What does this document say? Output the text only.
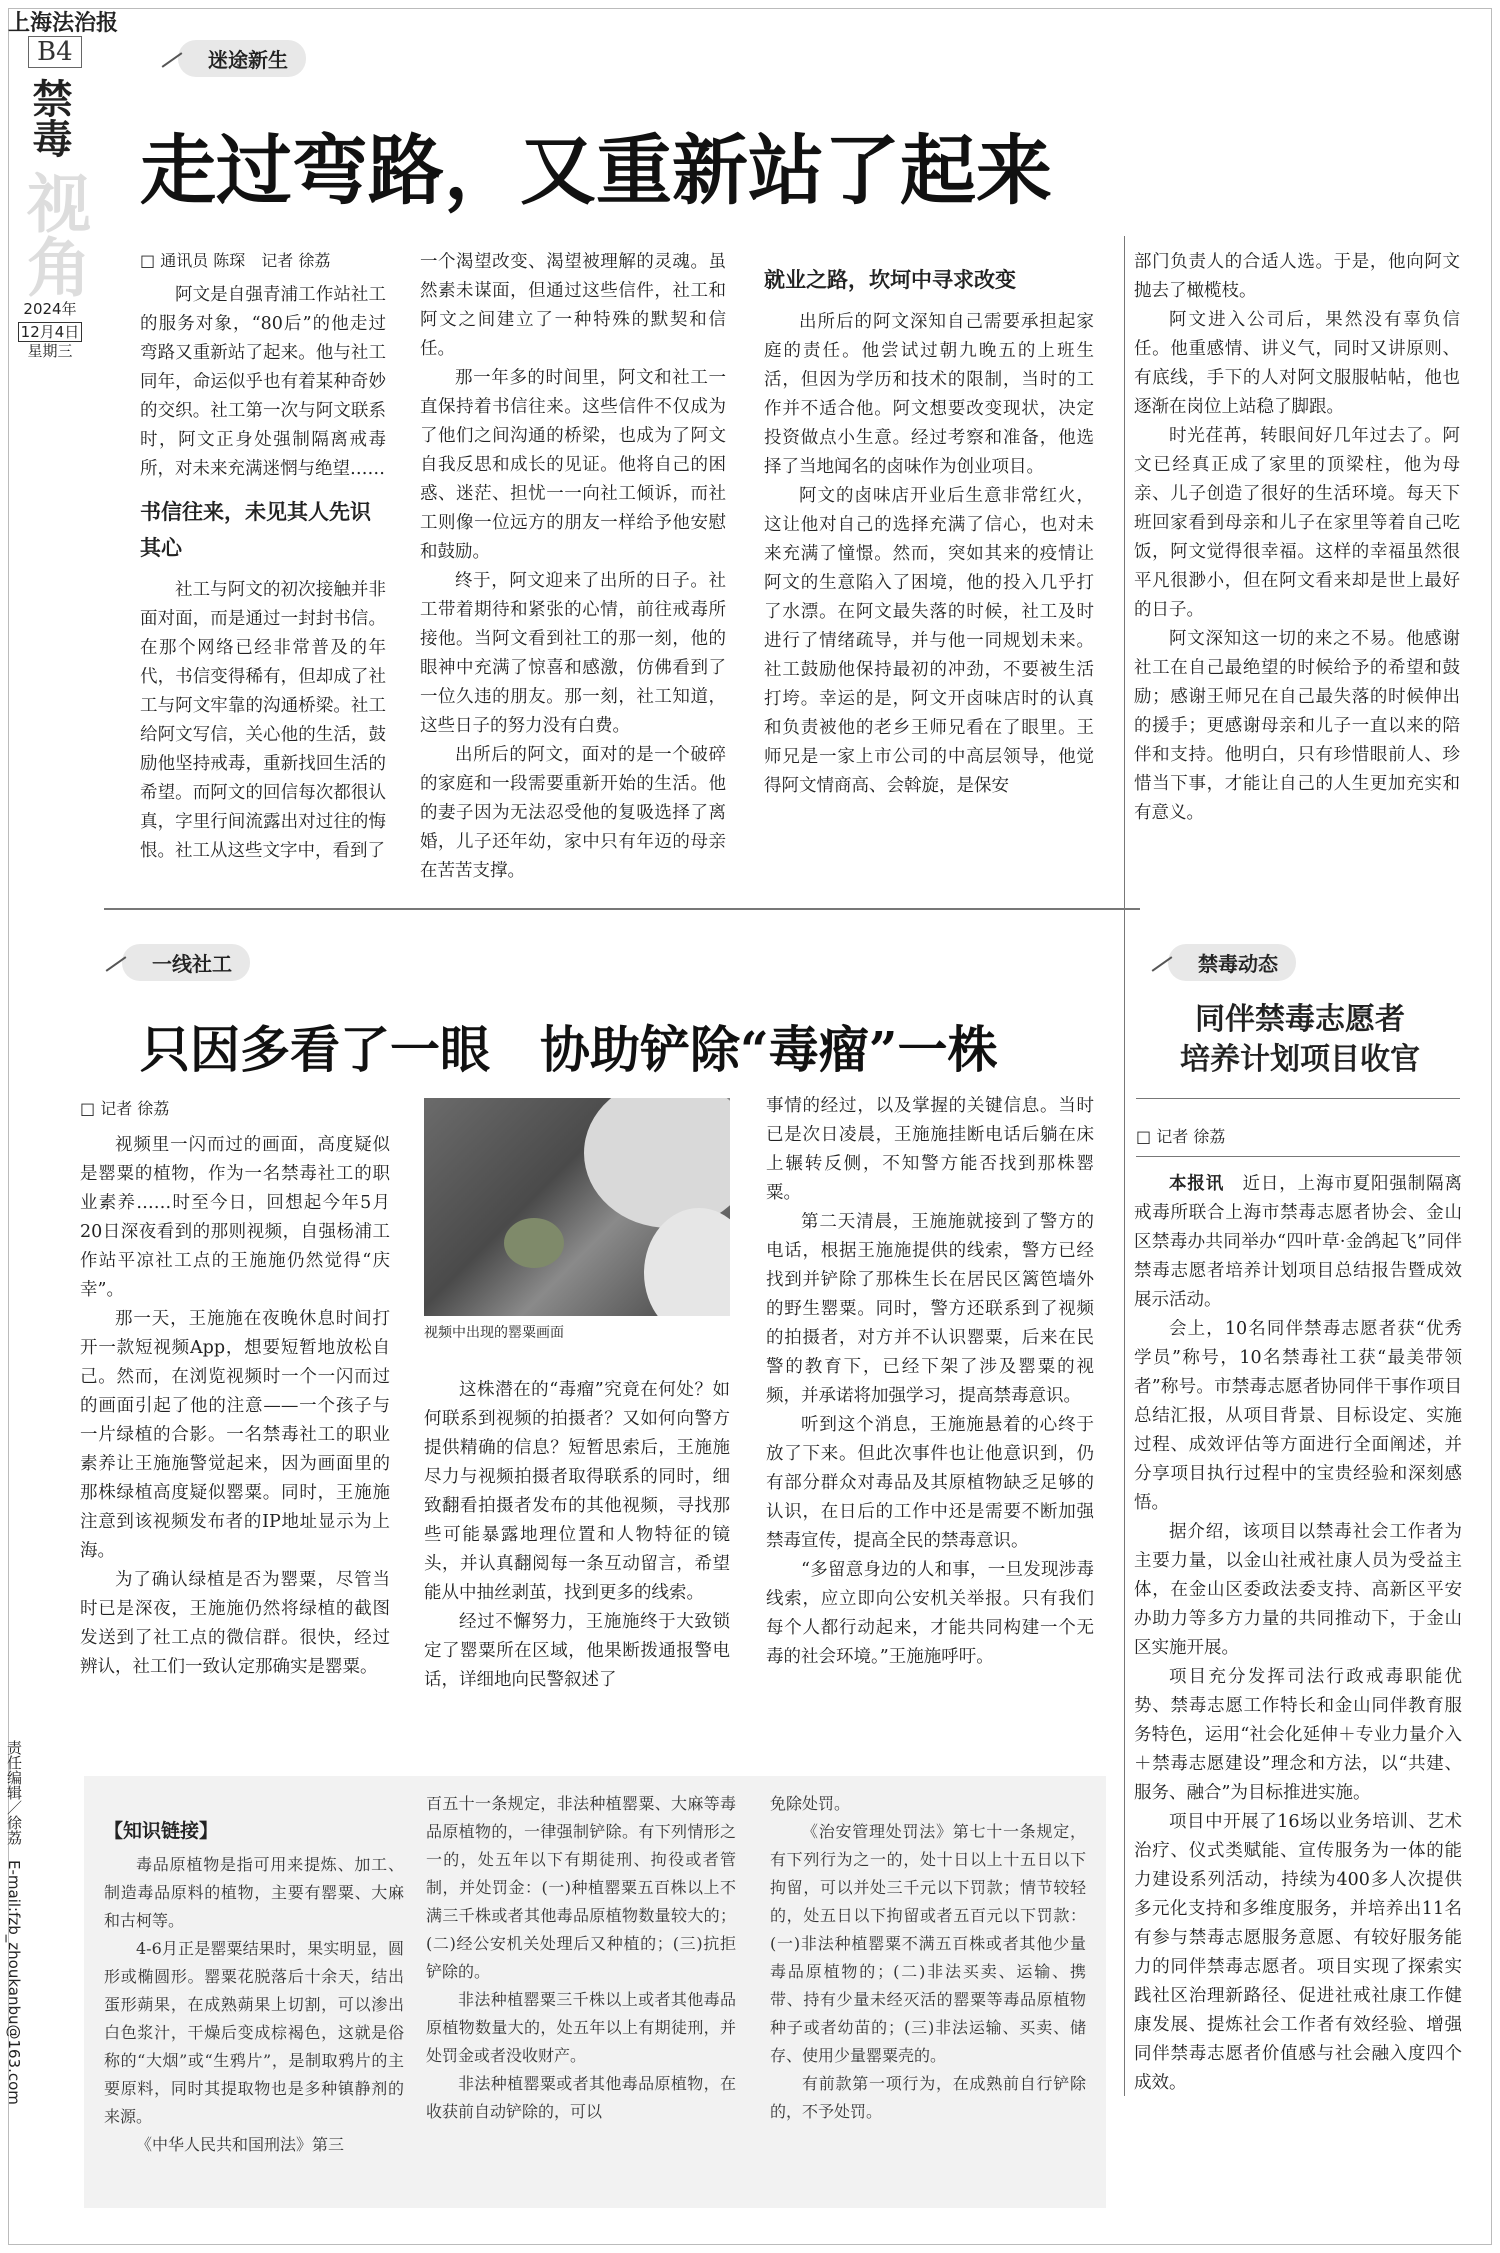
上海法治报
B4
禁毒
视角
2024年
12月4日
星期三
责任编辑／徐荔　E-mail:fzb_zhoukanbu@163.com
迷途新生
走过弯路，又重新站了起来
□ 通讯员 陈琛　记者 徐荔

阿文是自强青浦工作站社工的服务对象，“80后”的他走过弯路又重新站了起来。他与社工同年，命运似乎也有着某种奇妙的交织。社工第一次与阿文联系时，阿文正身处强制隔离戒毒所，对未来充满迷惘与绝望……

书信往来，未见其人先识其心

社工与阿文的初次接触并非面对面，而是通过一封封书信。在那个网络已经非常普及的年代，书信变得稀有，但却成了社工与阿文牢靠的沟通桥梁。社工给阿文写信，关心他的生活，鼓励他坚持戒毒，重新找回生活的希望。而阿文的回信每次都很认真，字里行间流露出对过往的悔恨。社工从这些文字中，看到了

一个渴望改变、渴望被理解的灵魂。虽然素未谋面，但通过这些信件，社工和阿文之间建立了一种特殊的默契和信任。

那一年多的时间里，阿文和社工一直保持着书信往来。这些信件不仅成为了他们之间沟通的桥梁，也成为了阿文自我反思和成长的见证。他将自己的困惑、迷茫、担忧一一向社工倾诉，而社工则像一位远方的朋友一样给予他安慰和鼓励。

终于，阿文迎来了出所的日子。社工带着期待和紧张的心情，前往戒毒所接他。当阿文看到社工的那一刻，他的眼神中充满了惊喜和感激，仿佛看到了一位久违的朋友。那一刻，社工知道，这些日子的努力没有白费。

出所后的阿文，面对的是一个破碎的家庭和一段需要重新开始的生活。他的妻子因为无法忍受他的复吸选择了离婚，儿子还年幼，家中只有年迈的母亲在苦苦支撑。

就业之路，坎坷中寻求改变

出所后的阿文深知自己需要承担起家庭的责任。他尝试过朝九晚五的上班生活，但因为学历和技术的限制，当时的工作并不适合他。阿文想要改变现状，决定投资做点小生意。经过考察和准备，他选择了当地闻名的卤味作为创业项目。

阿文的卤味店开业后生意非常红火，这让他对自己的选择充满了信心，也对未来充满了憧憬。然而，突如其来的疫情让阿文的生意陷入了困境，他的投入几乎打了水漂。在阿文最失落的时候，社工及时进行了情绪疏导，并与他一同规划未来。社工鼓励他保持最初的冲劲，不要被生活打垮。幸运的是，阿文开卤味店时的认真和负责被他的老乡王师兄看在了眼里。王师兄是一家上市公司的中高层领导，他觉得阿文情商高、会斡旋，是保安

部门负责人的合适人选。于是，他向阿文抛去了橄榄枝。

阿文进入公司后，果然没有辜负信任。他重感情、讲义气，同时又讲原则、有底线，手下的人对阿文服服帖帖，他也逐渐在岗位上站稳了脚跟。

时光荏苒，转眼间好几年过去了。阿文已经真正成了家里的顶梁柱，他为母亲、儿子创造了很好的生活环境。每天下班回家看到母亲和儿子在家里等着自己吃饭，阿文觉得很幸福。这样的幸福虽然很平凡很渺小，但在阿文看来却是世上最好的日子。

阿文深知这一切的来之不易。他感谢社工在自己最绝望的时候给予的希望和鼓励；感谢王师兄在自己最失落的时候伸出的援手；更感谢母亲和儿子一直以来的陪伴和支持。他明白，只有珍惜眼前人、珍惜当下事，才能让自己的人生更加充实和有意义。

一线社工
只因多看了一眼　协助铲除“毒瘤”一株
□ 记者 徐荔

视频里一闪而过的画面，高度疑似是罂粟的植物，作为一名禁毒社工的职业素养……时至今日，回想起今年5月20日深夜看到的那则视频，自强杨浦工作站平凉社工点的王施施仍然觉得“庆幸”。

那一天，王施施在夜晚休息时间打开一款短视频App，想要短暂地放松自己。然而，在浏览视频时一个一闪而过的画面引起了他的注意——一个孩子与一片绿植的合影。一名禁毒社工的职业素养让王施施警觉起来，因为画面里的那株绿植高度疑似罂粟。同时，王施施注意到该视频发布者的IP地址显示为上海。

为了确认绿植是否为罂粟，尽管当时已是深夜，王施施仍然将绿植的截图发送到了社工点的微信群。很快，经过辨认，社工们一致认定那确实是罂粟。

视频中出现的罂粟画面

这株潜在的“毒瘤”究竟在何处？如何联系到视频的拍摄者？又如何向警方提供精确的信息？短暂思索后，王施施尽力与视频拍摄者取得联系的同时，细致翻看拍摄者发布的其他视频，寻找那些可能暴露地理位置和人物特征的镜头，并认真翻阅每一条互动留言，希望能从中抽丝剥茧，找到更多的线索。

经过不懈努力，王施施终于大致锁定了罂粟所在区域，他果断拨通报警电话，详细地向民警叙述了

事情的经过，以及掌握的关键信息。当时已是次日凌晨，王施施挂断电话后躺在床上辗转反侧，不知警方能否找到那株罂粟。

第二天清晨，王施施就接到了警方的电话，根据王施施提供的线索，警方已经找到并铲除了那株生长在居民区篱笆墙外的野生罂粟。同时，警方还联系到了视频的拍摄者，对方并不认识罂粟，后来在民警的教育下，已经下架了涉及罂粟的视频，并承诺将加强学习，提高禁毒意识。

听到这个消息，王施施悬着的心终于放了下来。但此次事件也让他意识到，仍有部分群众对毒品及其原植物缺乏足够的认识，在日后的工作中还是需要不断加强禁毒宣传，提高全民的禁毒意识。

“多留意身边的人和事，一旦发现涉毒线索，应立即向公安机关举报。只有我们每个人都行动起来，才能共同构建一个无毒的社会环境。”王施施呼吁。

【知识链接】

毒品原植物是指可用来提炼、加工、制造毒品原料的植物，主要有罂粟、大麻和古柯等。

4-6月正是罂粟结果时，果实明显，圆形或椭圆形。罂粟花脱落后十余天，结出蛋形蒴果，在成熟蒴果上切割，可以渗出白色浆汁，干燥后变成棕褐色，这就是俗称的“大烟”或“生鸦片”，是制取鸦片的主要原料，同时其提取物也是多种镇静剂的来源。

《中华人民共和国刑法》第三

百五十一条规定，非法种植罂粟、大麻等毒品原植物的，一律强制铲除。有下列情形之一的，处五年以下有期徒刑、拘役或者管制，并处罚金：(一)种植罂粟五百株以上不满三千株或者其他毒品原植物数量较大的；(二)经公安机关处理后又种植的；(三)抗拒铲除的。

非法种植罂粟三千株以上或者其他毒品原植物数量大的，处五年以上有期徒刑，并处罚金或者没收财产。

非法种植罂粟或者其他毒品原植物，在收获前自动铲除的，可以

免除处罚。

《治安管理处罚法》第七十一条规定，有下列行为之一的，处十日以上十五日以下拘留，可以并处三千元以下罚款；情节较轻的，处五日以下拘留或者五百元以下罚款：(一)非法种植罂粟不满五百株或者其他少量毒品原植物的；(二)非法买卖、运输、携带、持有少量未经灭活的罂粟等毒品原植物种子或者幼苗的；(三)非法运输、买卖、储存、使用少量罂粟壳的。

有前款第一项行为，在成熟前自行铲除的，不予处罚。

禁毒动态
同伴禁毒志愿者
培养计划项目收官
□ 记者 徐荔

本报讯　 近日，上海市夏阳强制隔离戒毒所联合上海市禁毒志愿者协会、金山区禁毒办共同举办“四叶草·金鸽起飞”同伴禁毒志愿者培养计划项目总结报告暨成效展示活动。

会上，10名同伴禁毒志愿者获“优秀学员”称号，10名禁毒社工获“最美带领者”称号。市禁毒志愿者协同伴干事作项目总结汇报，从项目背景、目标设定、实施过程、成效评估等方面进行全面阐述，并分享项目执行过程中的宝贵经验和深刻感悟。

据介绍，该项目以禁毒社会工作者为主要力量，以金山社戒社康人员为受益主体，在金山区委政法委支持、高新区平安办助力等多方力量的共同推动下，于金山区实施开展。

项目充分发挥司法行政戒毒职能优势、禁毒志愿工作特长和金山同伴教育服务特色，运用“社会化延伸＋专业力量介入＋禁毒志愿建设”理念和方法，以“共建、服务、融合”为目标推进实施。

项目中开展了16场以业务培训、艺术治疗、仪式类赋能、宣传服务为一体的能力建设系列活动，持续为400多人次提供多元化支持和多维度服务，并培养出11名有参与禁毒志愿服务意愿、有较好服务能力的同伴禁毒志愿者。项目实现了探索实践社区治理新路径、促进社戒社康工作健康发展、提炼社会工作者有效经验、增强同伴禁毒志愿者价值感与社会融入度四个成效。
